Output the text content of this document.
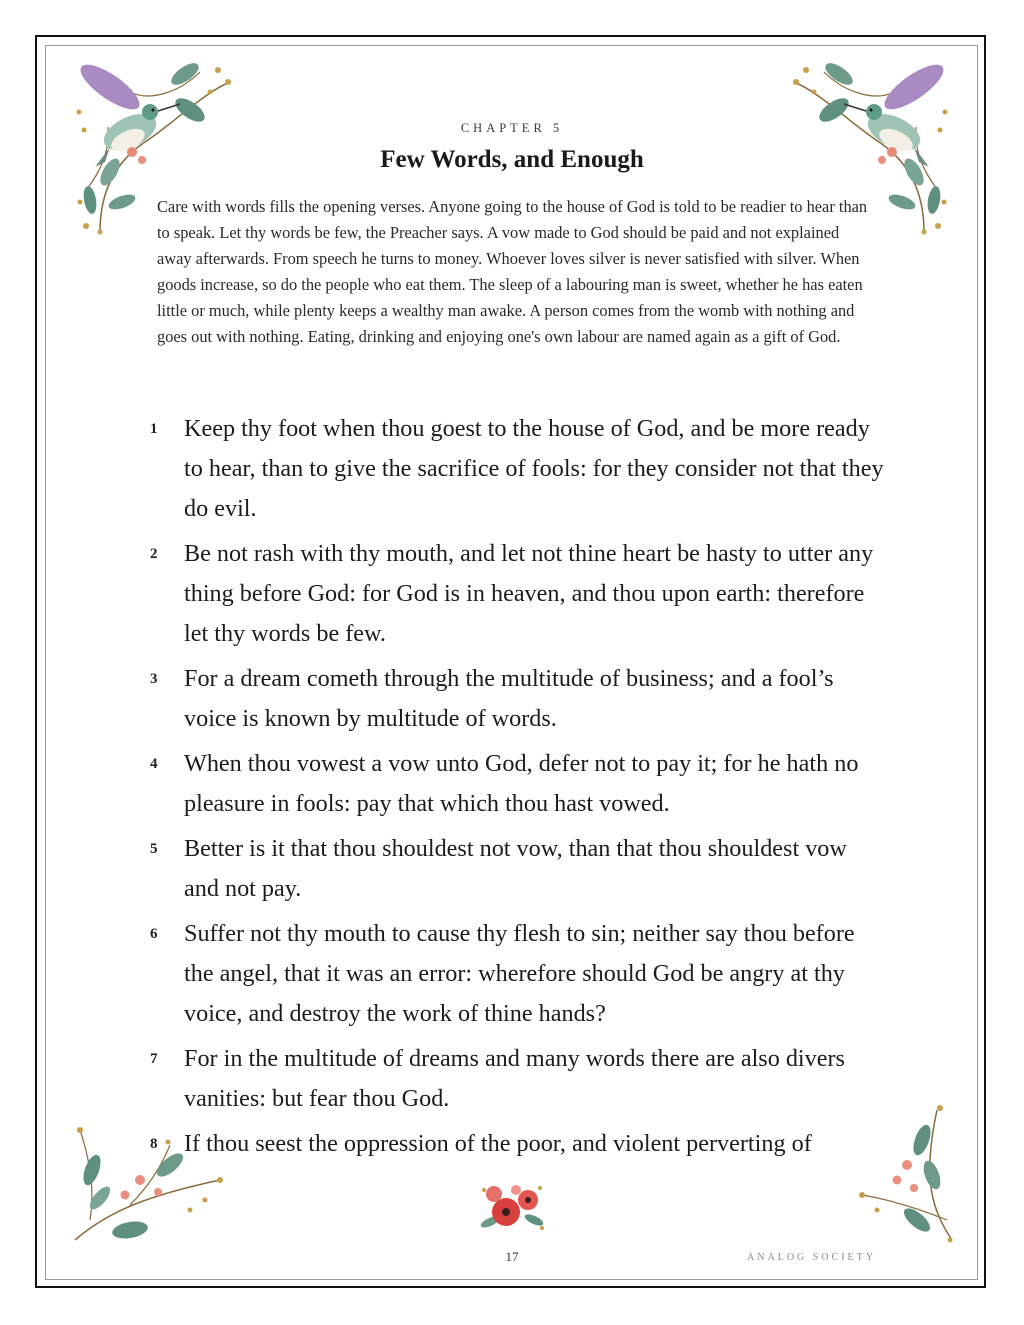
CHAPTER 5
Few Words, and Enough
Care with words fills the opening verses. Anyone going to the house of God is told to be readier to hear than to speak. Let thy words be few, the Preacher says. A vow made to God should be paid and not explained away afterwards. From speech he turns to money. Whoever loves silver is never satisfied with silver. When goods increase, so do the people who eat them. The sleep of a labouring man is sweet, whether he has eaten little or much, while plenty keeps a wealthy man awake. A person comes from the womb with nothing and goes out with nothing. Eating, drinking and enjoying one's own labour are named again as a gift of God.
1 Keep thy foot when thou goest to the house of God, and be more ready to hear, than to give the sacrifice of fools: for they consider not that they do evil.
2 Be not rash with thy mouth, and let not thine heart be hasty to utter any thing before God: for God is in heaven, and thou upon earth: therefore let thy words be few.
3 For a dream cometh through the multitude of business; and a fool’s voice is known by multitude of words.
4 When thou vowest a vow unto God, defer not to pay it; for he hath no pleasure in fools: pay that which thou hast vowed.
5 Better is it that thou shouldest not vow, than that thou shouldest vow and not pay.
6 Suffer not thy mouth to cause thy flesh to sin; neither say thou before the angel, that it was an error: wherefore should God be angry at thy voice, and destroy the work of thine hands?
7 For in the multitude of dreams and many words there are also divers vanities: but fear thou God.
8 If thou seest the oppression of the poor, and violent perverting of
17	ANALOG SOCIETY
